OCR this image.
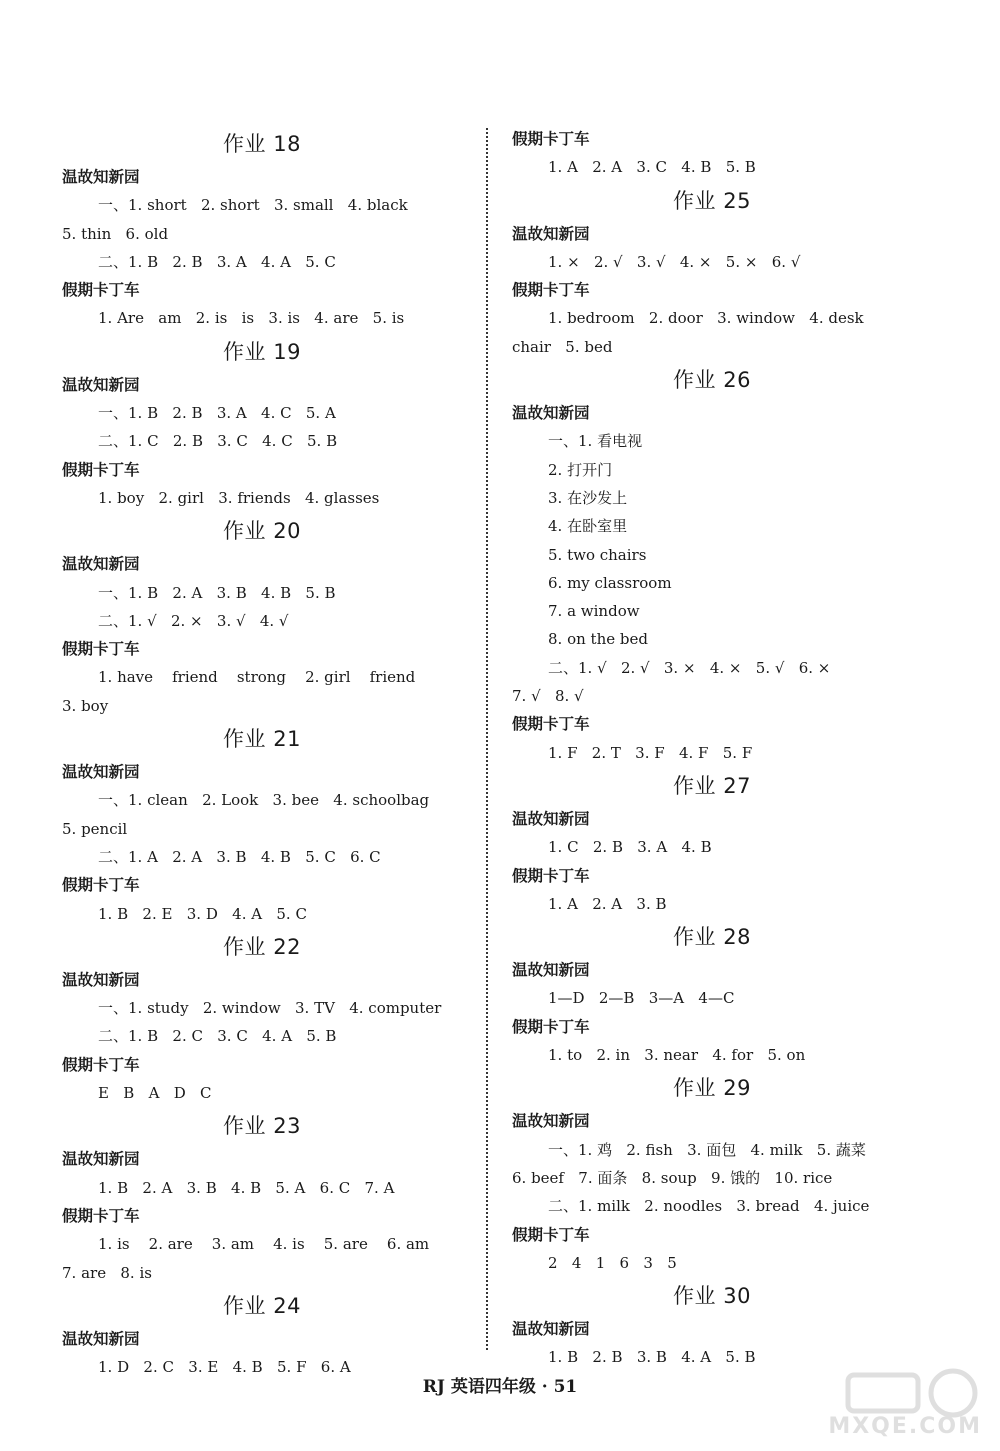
作业 18
温故知新园
一、1. short   2. short   3. small   4. black
5. thin   6. old
二、1. B   2. B   3. A   4. A   5. C
假期卡丁车
1. Are   am   2. is   is   3. is   4. are   5. is
作业 19
温故知新园
一、1. B   2. B   3. A   4. C   5. A
二、1. C   2. B   3. C   4. C   5. B
假期卡丁车
1. boy   2. girl   3. friends   4. glasses
作业 20
温故知新园
一、1. B   2. A   3. B   4. B   5. B
二、1. √   2. ×   3. √   4. √
假期卡丁车
1. have    friend    strong    2. girl    friend
3. boy
作业 21
温故知新园
一、1. clean   2. Look   3. bee   4. schoolbag
5. pencil
二、1. A   2. A   3. B   4. B   5. C   6. C
假期卡丁车
1. B   2. E   3. D   4. A   5. C
作业 22
温故知新园
一、1. study   2. window   3. TV   4. computer
二、1. B   2. C   3. C   4. A   5. B
假期卡丁车
E   B   A   D   C
作业 23
温故知新园
1. B   2. A   3. B   4. B   5. A   6. C   7. A
假期卡丁车
1. is    2. are    3. am    4. is    5. are    6. am
7. are   8. is
作业 24
温故知新园
1. D   2. C   3. E   4. B   5. F   6. A
假期卡丁车
1. A   2. A   3. C   4. B   5. B
作业 25
温故知新园
1. ×   2. √   3. √   4. ×   5. ×   6. √
假期卡丁车
1. bedroom   2. door   3. window   4. desk
chair   5. bed
作业 26
温故知新园
一、1. 看电视
2. 打开门
3. 在沙发上
4. 在卧室里
5. two chairs
6. my classroom
7. a window
8. on the bed
二、1. √   2. √   3. ×   4. ×   5. √   6. ×
7. √   8. √
假期卡丁车
1. F   2. T   3. F   4. F   5. F
作业 27
温故知新园
1. C   2. B   3. A   4. B
假期卡丁车
1. A   2. A   3. B
作业 28
温故知新园
1—D   2—B   3—A   4—C
假期卡丁车
1. to   2. in   3. near   4. for   5. on
作业 29
温故知新园
一、1. 鸡   2. fish   3. 面包   4. milk   5. 蔬菜
6. beef   7. 面条   8. soup   9. 饿的   10. rice
二、1. milk   2. noodles   3. bread   4. juice
假期卡丁车
2   4   1   6   3   5
作业 30
温故知新园
1. B   2. B   3. B   4. A   5. B
RJ 英语四年级 · 51
MXQE.COM
